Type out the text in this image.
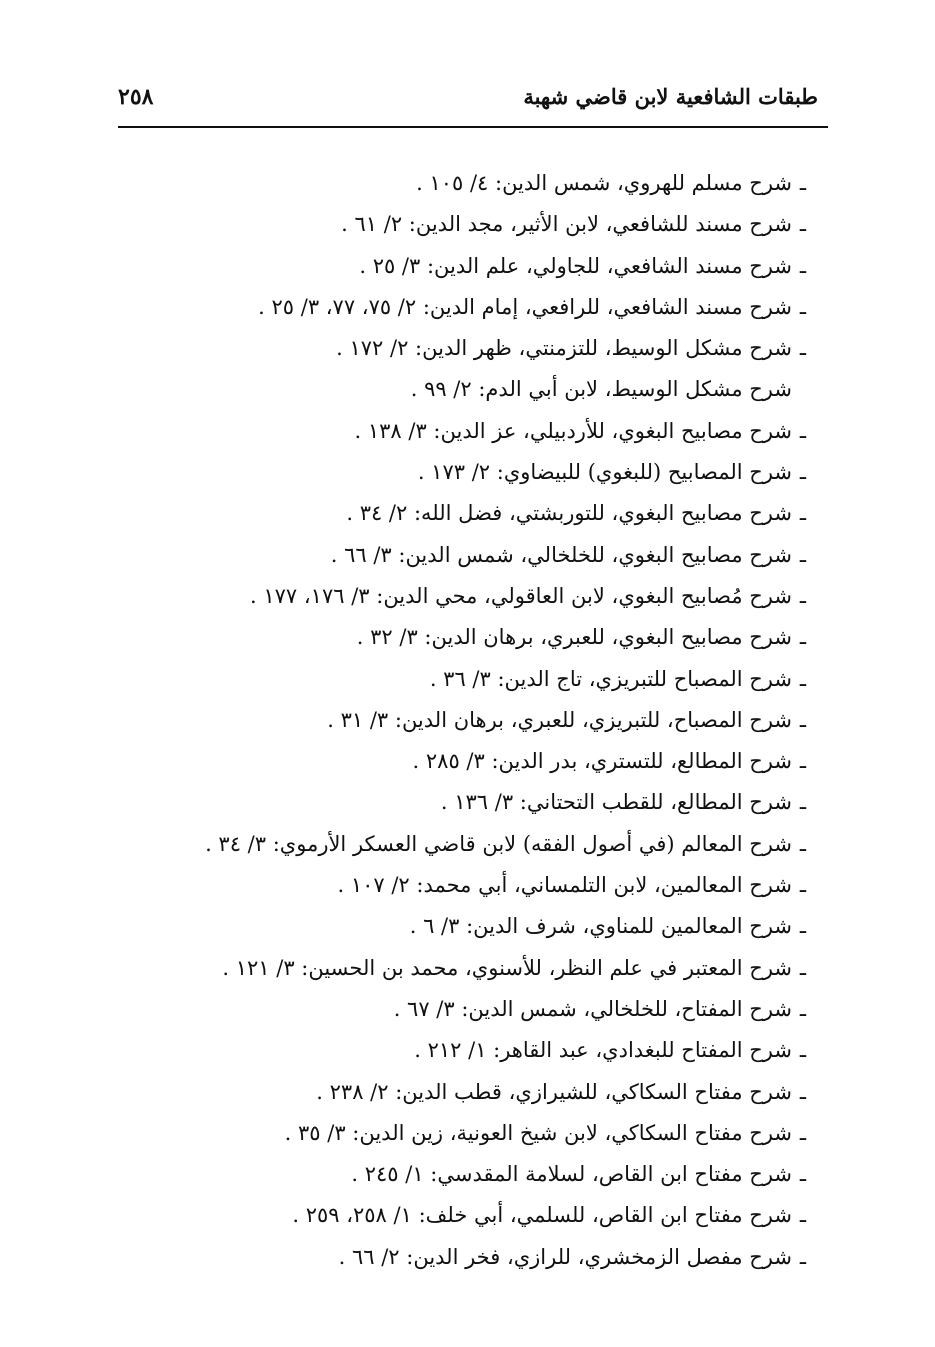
طبقات الشافعية لابن قاضي شهبة
٢٥٨
ـشرح مسلم للهروي، شمس الدين: ٤/ ١٠٥ .
ـشرح مسند للشافعي، لابن الأثير، مجد الدين: ٢/ ٦١ .
ـشرح مسند الشافعي، للجاولي، علم الدين: ٣/ ٢٥ .
ـشرح مسند الشافعي، للرافعي، إمام الدين: ٢/ ٧٥، ٧٧، ٣/ ٢٥ .
ـشرح مشكل الوسيط، للتزمنتي، ظهر الدين: ٢/ ١٧٢ .
شرح مشكل الوسيط، لابن أبي الدم: ٢/ ٩٩ .
ـشرح مصابيح البغوي، للأردبيلي، عز الدين: ٣/ ١٣٨ .
ـشرح المصابيح (للبغوي) للبيضاوي: ٢/ ١٧٣ .
ـشرح مصابيح البغوي، للتوربشتي، فضل الله: ٢/ ٣٤ .
ـشرح مصابيح البغوي، للخلخالي، شمس الدين: ٣/ ٦٦ .
ـشرح مُصابيح البغوي، لابن العاقولي، محي الدين: ٣/ ١٧٦، ١٧٧ .
ـشرح مصابيح البغوي، للعبري، برهان الدين: ٣/ ٣٢ .
ـشرح المصباح للتبريزي، تاج الدين: ٣/ ٣٦ .
ـشرح المصباح، للتبريزي، للعبري، برهان الدين: ٣/ ٣١ .
ـشرح المطالع، للتستري، بدر الدين: ٣/ ٢٨٥ .
ـشرح المطالع، للقطب التحتاني: ٣/ ١٣٦ .
ـشرح المعالم (في أصول الفقه) لابن قاضي العسكر الأرموي: ٣/ ٣٤ .
ـشرح المعالمين، لابن التلمساني، أبي محمد: ٢/ ١٠٧ .
ـشرح المعالمين للمناوي، شرف الدين: ٣/ ٦ .
ـشرح المعتبر في علم النظر، للأسنوي، محمد بن الحسين: ٣/ ١٢١ .
ـشرح المفتاح، للخلخالي، شمس الدين: ٣/ ٦٧ .
ـشرح المفتاح للبغدادي، عبد القاهر: ١/ ٢١٢ .
ـشرح مفتاح السكاكي، للشيرازي، قطب الدين: ٢/ ٢٣٨ .
ـشرح مفتاح السكاكي، لابن شيخ العونية، زين الدين: ٣/ ٣٥ .
ـشرح مفتاح ابن القاص، لسلامة المقدسي: ١/ ٢٤٥ .
ـشرح مفتاح ابن القاص، للسلمي، أبي خلف: ١/ ٢٥٨، ٢٥٩ .
ـشرح مفصل الزمخشري، للرازي، فخر الدين: ٢/ ٦٦ .
